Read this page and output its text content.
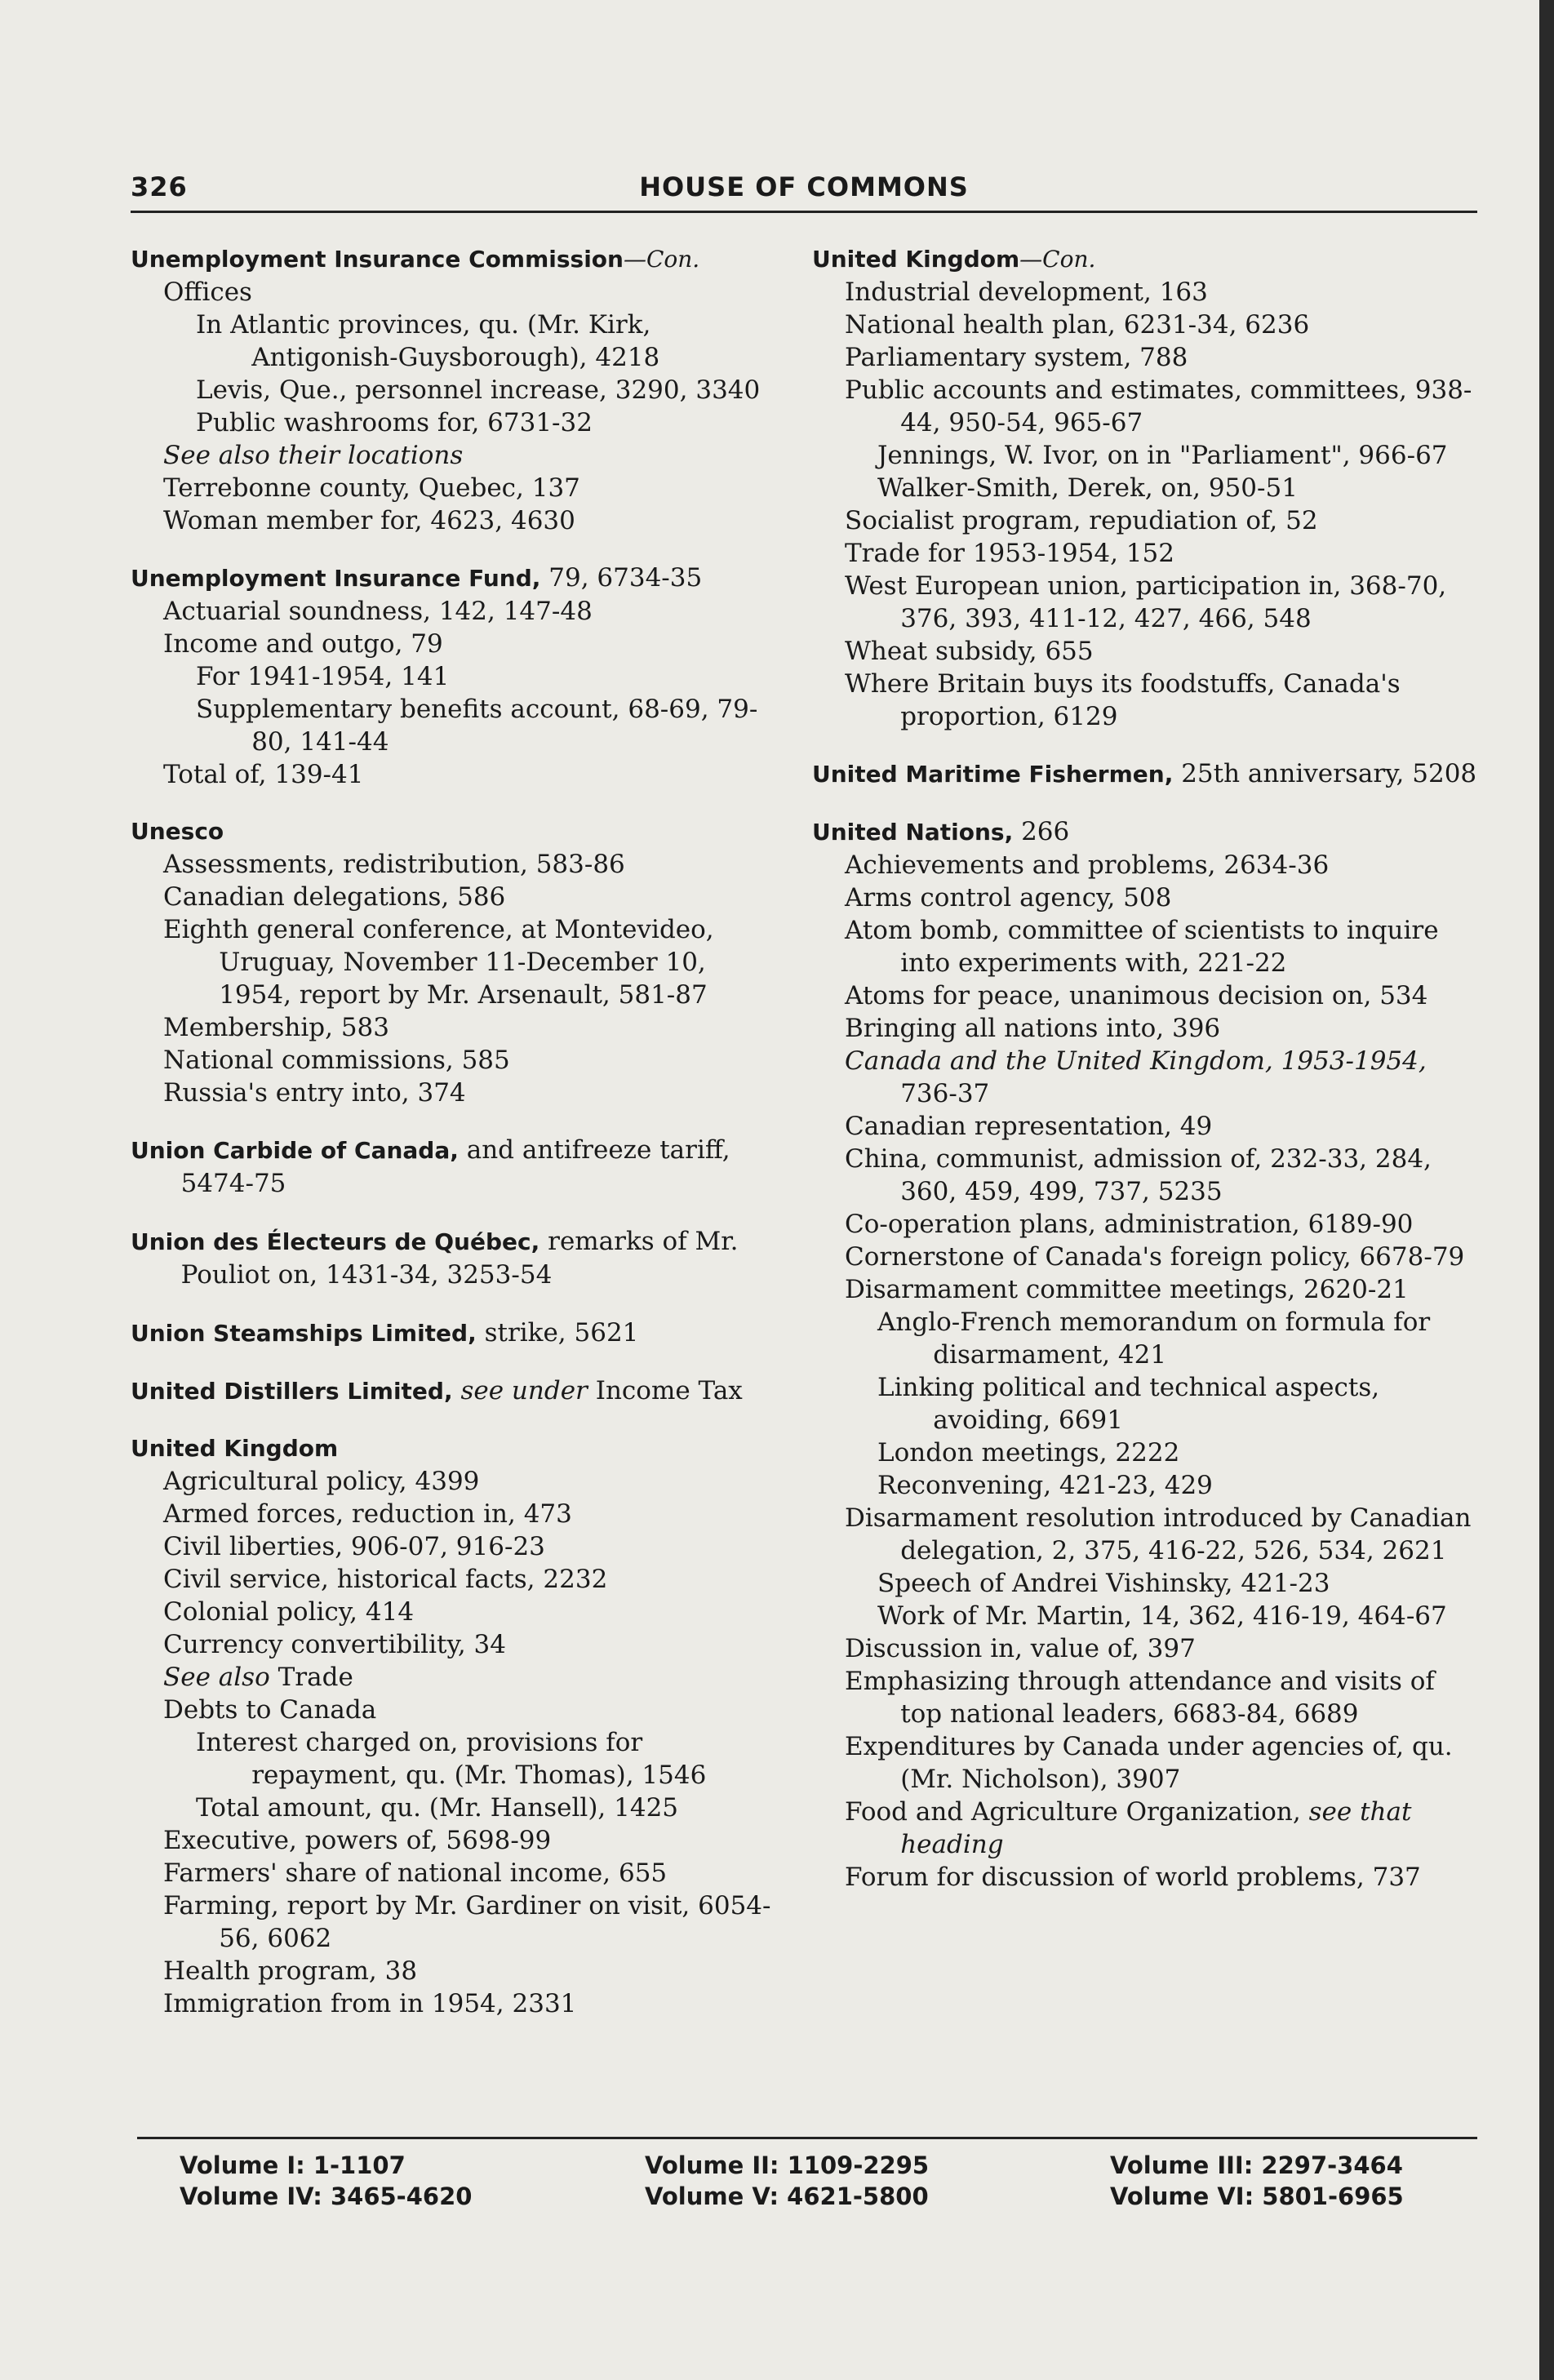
326	HOUSE OF COMMONS
Unemployment Insurance Commission—Con.
Offices
In Atlantic provinces, qu. (Mr. Kirk, Antigonish-Guysborough), 4218
Levis, Que., personnel increase, 3290, 3340
Public washrooms for, 6731-32
See also their locations
Terrebonne county, Quebec, 137
Woman member for, 4623, 4630
Unemployment Insurance Fund, 79, 6734-35
Actuarial soundness, 142, 147-48
Income and outgo, 79
For 1941-1954, 141
Supplementary benefits account, 68-69, 79-80, 141-44
Total of, 139-41
Unesco
Assessments, redistribution, 583-86
Canadian delegations, 586
Eighth general conference, at Montevideo, Uruguay, November 11-December 10, 1954, report by Mr. Arsenault, 581-87
Membership, 583
National commissions, 585
Russia's entry into, 374
Union Carbide of Canada, and antifreeze tariff, 5474-75
Union des Électeurs de Québec, remarks of Mr. Pouliot on, 1431-34, 3253-54
Union Steamships Limited, strike, 5621
United Distillers Limited, see under Income Tax
United Kingdom
Agricultural policy, 4399
Armed forces, reduction in, 473
Civil liberties, 906-07, 916-23
Civil service, historical facts, 2232
Colonial policy, 414
Currency convertibility, 34
See also Trade
Debts to Canada
Interest charged on, provisions for repayment, qu. (Mr. Thomas), 1546
Total amount, qu. (Mr. Hansell), 1425
Executive, powers of, 5698-99
Farmers' share of national income, 655
Farming, report by Mr. Gardiner on visit, 6054-56, 6062
Health program, 38
Immigration from in 1954, 2331
United Kingdom—Con.
Industrial development, 163
National health plan, 6231-34, 6236
Parliamentary system, 788
Public accounts and estimates, committees, 938-44, 950-54, 965-67
Jennings, W. Ivor, on in "Parliament", 966-67
Walker-Smith, Derek, on, 950-51
Socialist program, repudiation of, 52
Trade for 1953-1954, 152
West European union, participation in, 368-70, 376, 393, 411-12, 427, 466, 548
Wheat subsidy, 655
Where Britain buys its foodstuffs, Canada's proportion, 6129
United Maritime Fishermen, 25th anniversary, 5208
United Nations, 266
Achievements and problems, 2634-36
Arms control agency, 508
Atom bomb, committee of scientists to inquire into experiments with, 221-22
Atoms for peace, unanimous decision on, 534
Bringing all nations into, 396
Canada and the United Kingdom, 1953-1954, 736-37
Canadian representation, 49
China, communist, admission of, 232-33, 284, 360, 459, 499, 737, 5235
Co-operation plans, administration, 6189-90
Cornerstone of Canada's foreign policy, 6678-79
Disarmament committee meetings, 2620-21
Anglo-French memorandum on formula for disarmament, 421
Linking political and technical aspects, avoiding, 6691
London meetings, 2222
Reconvening, 421-23, 429
Disarmament resolution introduced by Canadian delegation, 2, 375, 416-22, 526, 534, 2621
Speech of Andrei Vishinsky, 421-23
Work of Mr. Martin, 14, 362, 416-19, 464-67
Discussion in, value of, 397
Emphasizing through attendance and visits of top national leaders, 6683-84, 6689
Expenditures by Canada under agencies of, qu. (Mr. Nicholson), 3907
Food and Agriculture Organization, see that heading
Forum for discussion of world problems, 737
Volume I: 1-1107
Volume IV: 3465-4620
Volume II: 1109-2295
Volume V: 4621-5800
Volume III: 2297-3464
Volume VI: 5801-6965
